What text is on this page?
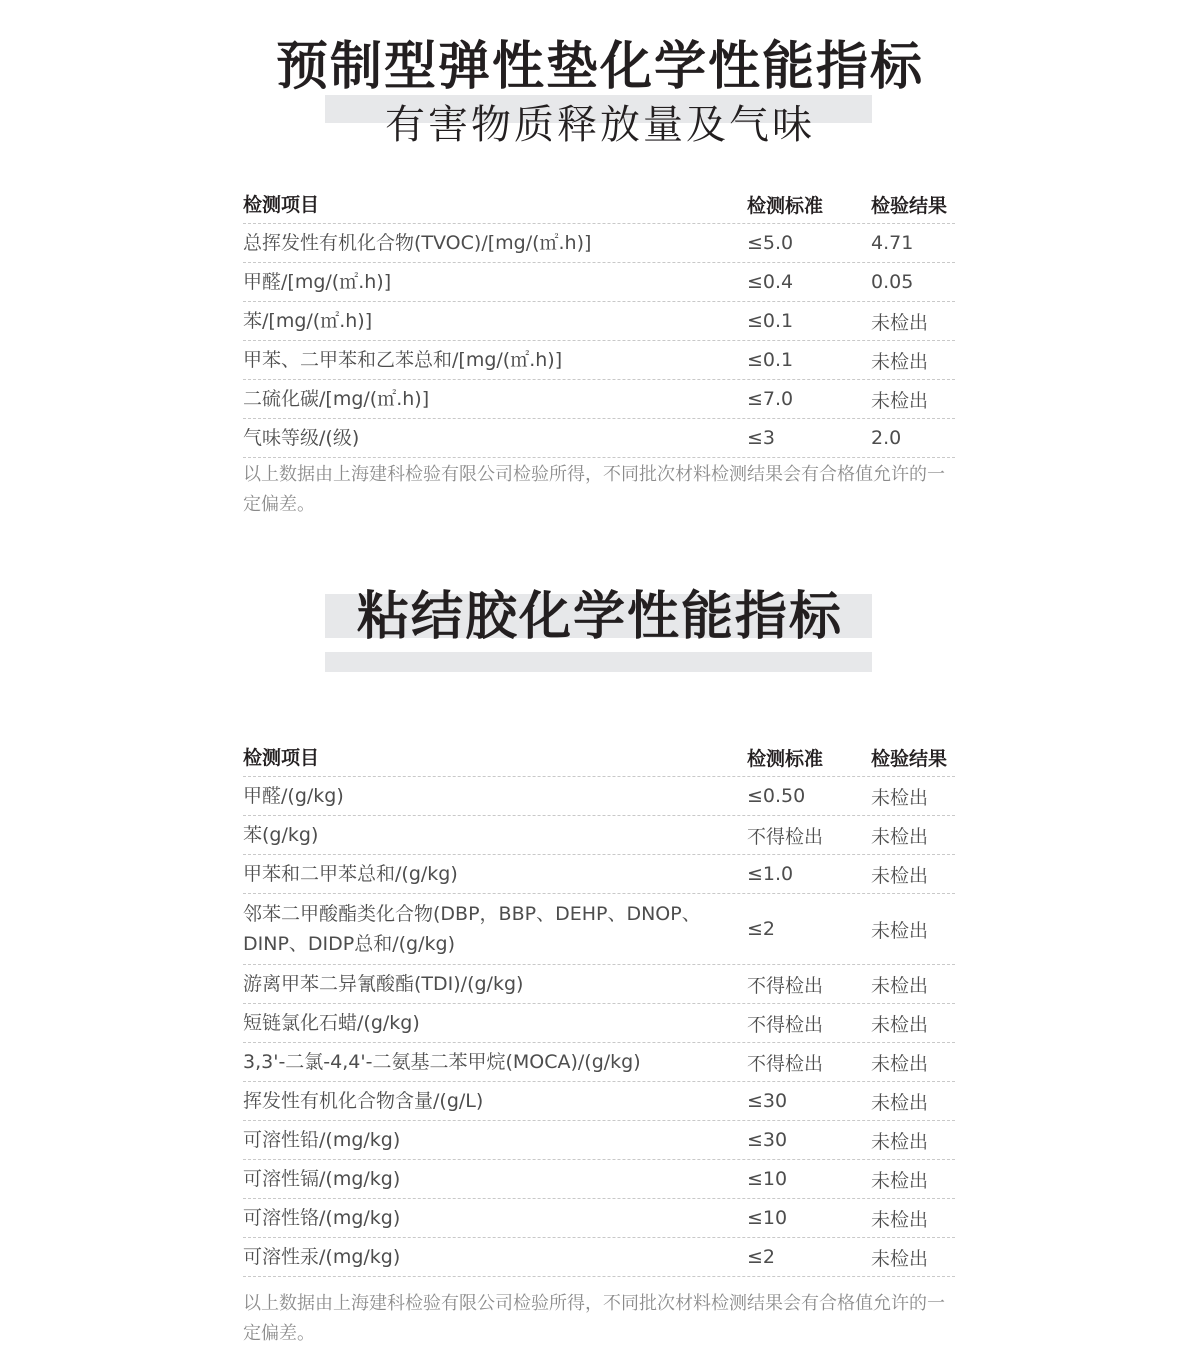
预制型弹性垫化学性能指标
有害物质释放量及气味
检测项目	检测标准	检验结果
总挥发性有机化合物(TVOC)/[mg/(㎡.h)]	≤5.0	4.71
甲醛/[mg/(㎡.h)]	≤0.4	0.05
苯/[mg/(㎡.h)]	≤0.1	未检出
甲苯、二甲苯和乙苯总和/[mg/(㎡.h)]	≤0.1	未检出
二硫化碳/[mg/(㎡.h)]	≤7.0	未检出
气味等级/(级)	≤3	2.0
以上数据由上海建科检验有限公司检验所得，不同批次材料检测结果会有合格值允许的一定偏差。
粘结胶化学性能指标
检测项目	检测标准	检验结果
甲醛/(g/kg)	≤0.50	未检出
苯(g/kg)	不得检出	未检出
甲苯和二甲苯总和/(g/kg)	≤1.0	未检出
邻苯二甲酸酯类化合物(DBP，BBP、DEHP、DNOP、DINP、DIDP总和/(g/kg)
≤2	未检出
游离甲苯二异氰酸酯(TDI)/(g/kg)	不得检出	未检出
短链氯化石蜡/(g/kg)	不得检出	未检出
3,3'-二氯-4,4'-二氨基二苯甲烷(MOCA)/(g/kg)	不得检出	未检出
挥发性有机化合物含量/(g/L)	≤30	未检出
可溶性铅/(mg/kg)	≤30	未检出
可溶性镉/(mg/kg)	≤10	未检出
可溶性铬/(mg/kg)	≤10	未检出
可溶性汞/(mg/kg)	≤2	未检出
以上数据由上海建科检验有限公司检验所得，不同批次材料检测结果会有合格值允许的一定偏差。
